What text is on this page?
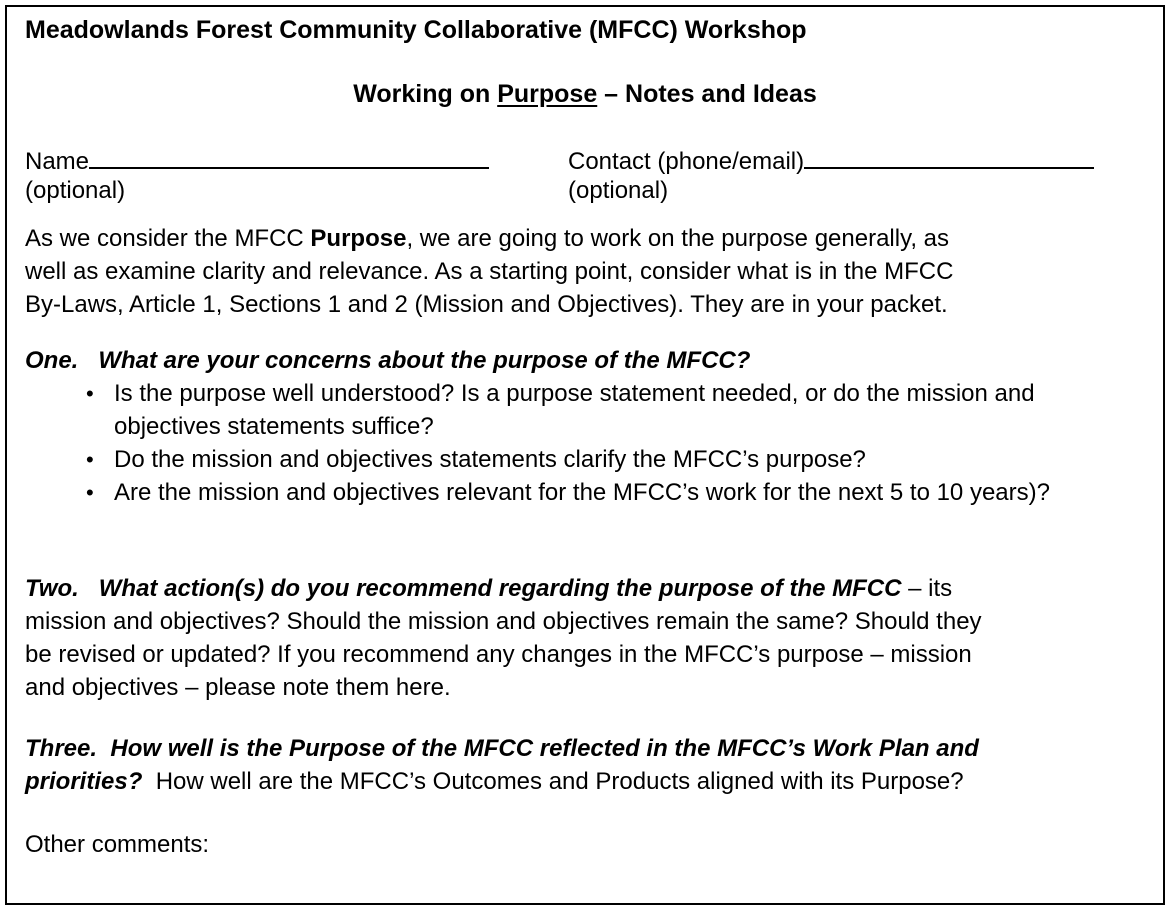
Meadowlands Forest Community Collaborative (MFCC) Workshop
Working on Purpose – Notes and Ideas
Name
(optional)
Contact (phone/email)
(optional)
As we consider the MFCC Purpose, we are going to work on the purpose generally, as
well as examine clarity and relevance. As a starting point, consider what is in the MFCC
By-Laws, Article 1, Sections 1 and 2 (Mission and Objectives). They are in your packet.
One.   What are your concerns about the purpose of the MFCC?
• Is the purpose well understood? Is a purpose statement needed, or do the mission and objectives statements suffice?
• Do the mission and objectives statements clarify the MFCC’s purpose?
• Are the mission and objectives relevant for the MFCC’s work for the next 5 to 10 years)?
Two.   What action(s) do you recommend regarding the purpose of the MFCC – its
mission and objectives? Should the mission and objectives remain the same? Should they
be revised or updated? If you recommend any changes in the MFCC’s purpose – mission
and objectives – please note them here.
Three.  How well is the Purpose of the MFCC reflected in the MFCC’s Work Plan and
priorities?  How well are the MFCC’s Outcomes and Products aligned with its Purpose?
Other comments:
